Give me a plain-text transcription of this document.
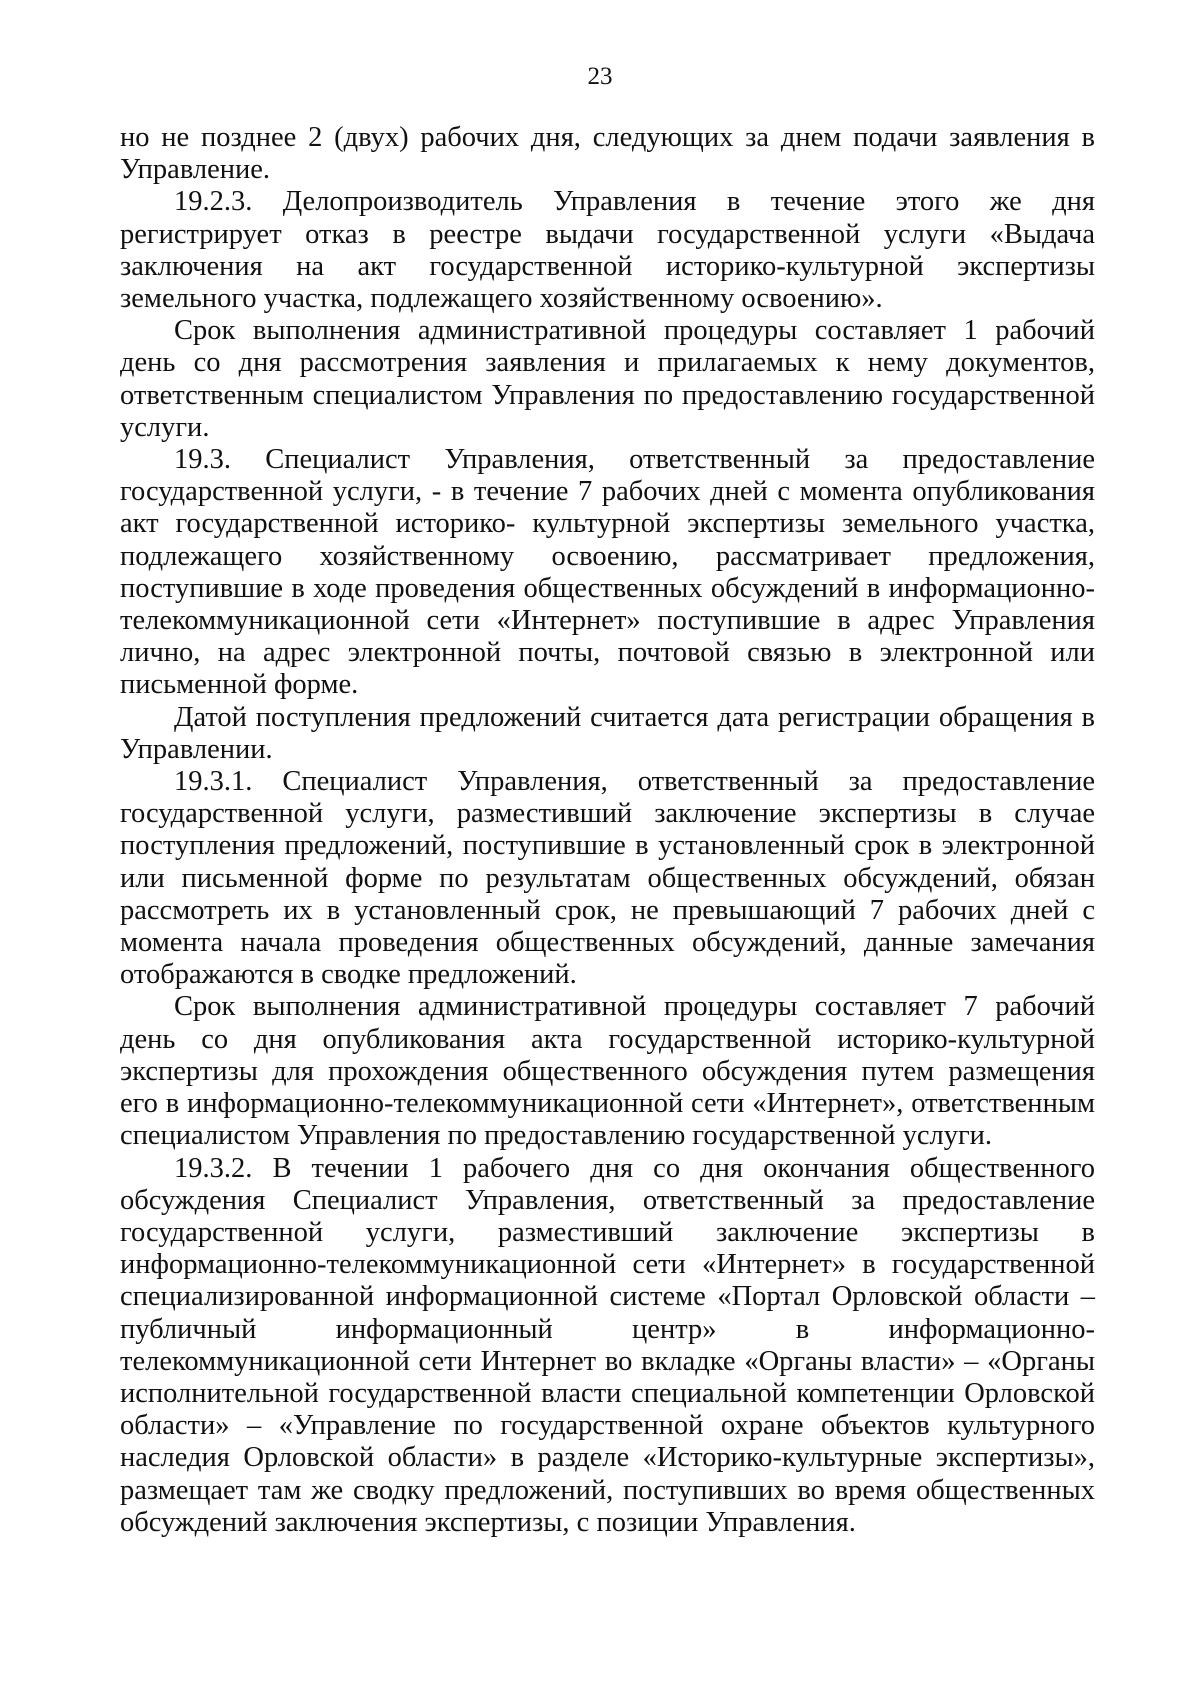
23

но не позднее 2 (двух) рабочих дня, следующих за днем подачи заявления в Управление.

19.2.3. Делопроизводитель Управления в течение этого же дня регистрирует отказ в реестре выдачи государственной услуги «Выдача заключения на акт государственной историко-культурной экспертизы земельного участка, подлежащего хозяйственному освоению».

Срок выполнения административной процедуры составляет 1 рабочий день со дня рассмотрения заявления и прилагаемых к нему документов, ответственным специалистом Управления по предоставлению государственной услуги.

19.3. Специалист Управления, ответственный за предоставление государственной услуги, - в течение 7 рабочих дней с момента опубликования акт государственной историко- культурной экспертизы земельного участка, подлежащего хозяйственному освоению, рассматривает предложения, поступившие в ходе проведения общественных обсуждений в информационно-телекоммуникационной сети «Интернет» поступившие в адрес Управления лично, на адрес электронной почты, почтовой связью в электронной или письменной форме.

Датой поступления предложений считается дата регистрации обращения в Управлении.

19.3.1. Специалист Управления, ответственный за предоставление государственной услуги, разместивший заключение экспертизы в случае поступления предложений, поступившие в установленный срок в электронной или письменной форме по результатам общественных обсуждений, обязан рассмотреть их в установленный срок, не превышающий 7 рабочих дней с момента начала проведения общественных обсуждений, данные замечания отображаются в сводке предложений.

Срок выполнения административной процедуры составляет 7 рабочий день со дня опубликования акта государственной историко-культурной экспертизы для прохождения общественного обсуждения путем размещения его в информационно-телекоммуникационной сети «Интернет», ответственным специалистом Управления по предоставлению государственной услуги.

19.3.2. В течении 1 рабочего дня со дня окончания общественного обсуждения Специалист Управления, ответственный за предоставление государственной услуги, разместивший заключение экспертизы в информационно-телекоммуникационной сети «Интернет» в государственной специализированной информационной системе «Портал Орловской области – публичный информационный центр» в информационно-телекоммуникационной сети Интернет во вкладке «Органы власти» – «Органы исполнительной государственной власти специальной компетенции Орловской области» – «Управление по государственной охране объектов культурного наследия Орловской области» в разделе «Историко-культурные экспертизы», размещает там же сводку предложений, поступивших во время общественных обсуждений заключения экспертизы, с позиции Управления.
